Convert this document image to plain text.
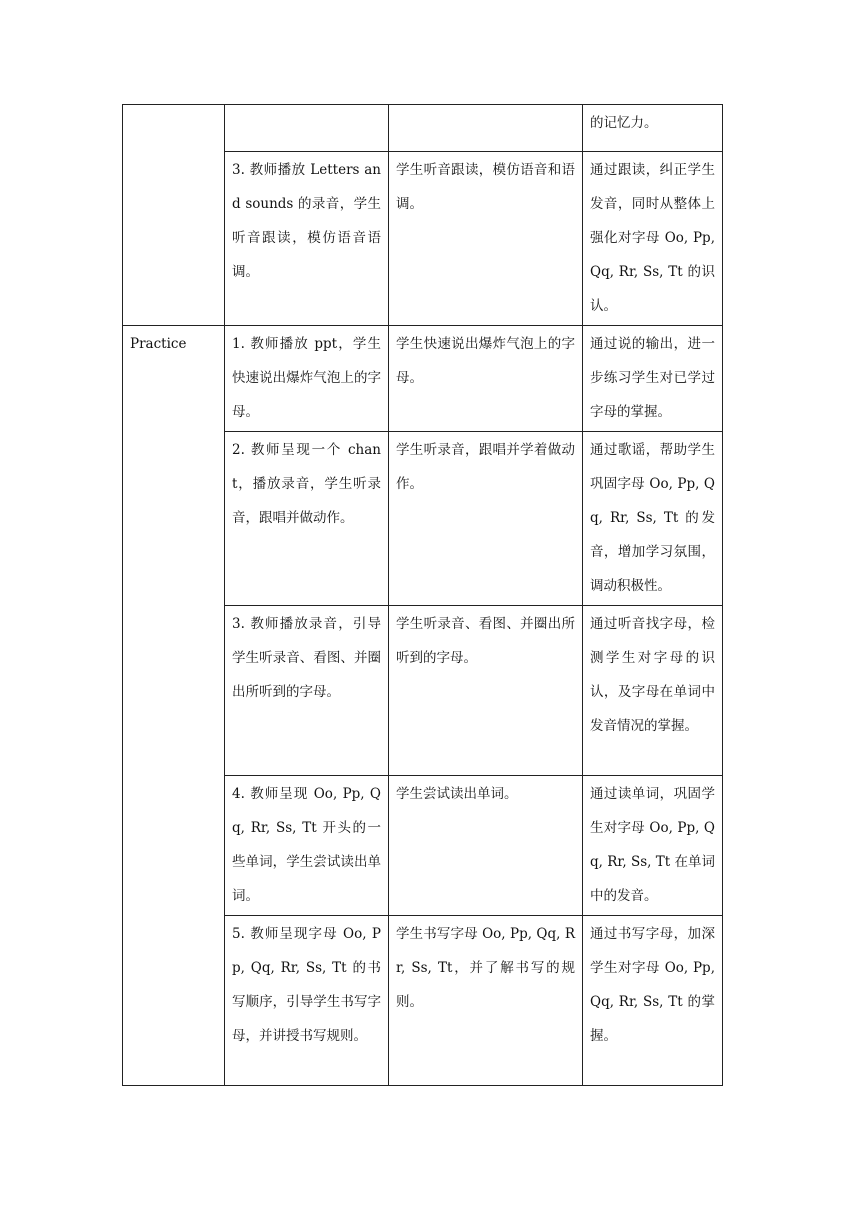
			的记忆力。

	3. 教师播放 Letters and sounds 的录音，学生听音跟读，模仿语音语调。	学生听音跟读，模仿语音和语调。	通过跟读，纠正学生发音，同时从整体上强化对字母 Oo, Pp, Qq, Rr, Ss, Tt 的识认。

Practice	1. 教师播放 ppt，学生快速说出爆炸气泡上的字母。	学生快速说出爆炸气泡上的字母。	通过说的输出，进一步练习学生对已学过字母的掌握。

	2. 教师呈现一个 chant，播放录音，学生听录音，跟唱并做动作。	学生听录音，跟唱并学着做动作。	通过歌谣，帮助学生巩固字母 Oo, Pp, Qq, Rr, Ss, Tt 的发音，增加学习氛围，调动积极性。

	3. 教师播放录音，引导学生听录音、看图、并圈出所听到的字母。	学生听录音、看图、并圈出所听到的字母。	通过听音找字母，检测学生对字母的识认，及字母在单词中发音情况的掌握。

	4. 教师呈现 Oo, Pp, Qq, Rr, Ss, Tt 开头的一些单词，学生尝试读出单词。	学生尝试读出单词。	通过读单词，巩固学生对字母 Oo, Pp, Qq, Rr, Ss, Tt 在单词中的发音。

	5. 教师呈现字母 Oo, Pp, Qq, Rr, Ss, Tt 的书写顺序，引导学生书写字母，并讲授书写规则。	学生书写字母 Oo, Pp, Qq, Rr, Ss, Tt，并了解书写的规则。	通过书写字母，加深学生对字母 Oo, Pp, Qq, Rr, Ss, Tt 的掌握。
